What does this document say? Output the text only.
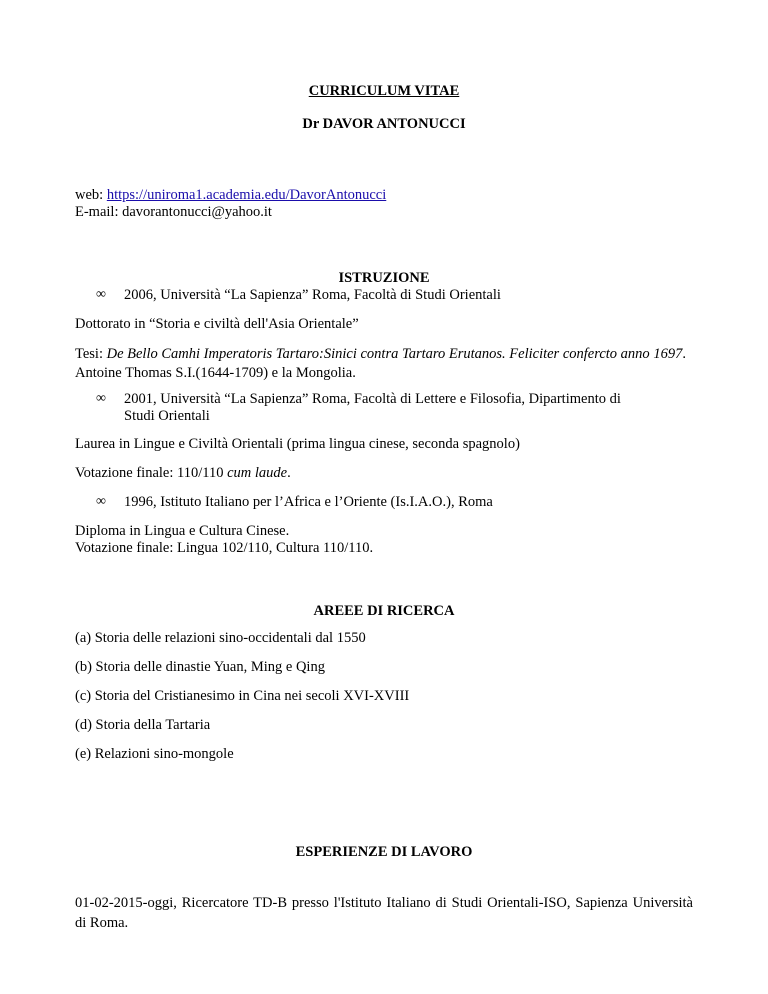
CURRICULUM VITAE

Dr DAVOR ANTONUCCI

web: https://uniroma1.academia.edu/DavorAntonucci

E-mail: davorantonucci@yahoo.it

ISTRUZIONE

∞ 2006, Università “La Sapienza” Roma, Facoltà di Studi Orientali

Dottorato in “Storia e civiltà dell'Asia Orientale”

Tesi: De Bello Camhi Imperatoris Tartaro:Sinici contra Tartaro Erutanos. Feliciter confercto anno 1697. Antoine Thomas S.I.(1644-1709) e la Mongolia.

∞ 2001, Università “La Sapienza” Roma, Facoltà di Lettere e Filosofia, Dipartimento di

Studi Orientali

Laurea in Lingue e Civiltà Orientali (prima lingua cinese, seconda spagnolo)

Votazione finale: 110/110 cum laude.

∞ 1996, Istituto Italiano per l’Africa e l’Oriente (Is.I.A.O.), Roma

Diploma in Lingua e Cultura Cinese.

Votazione finale: Lingua 102/110, Cultura 110/110.

AREEE DI RICERCA

(a) Storia delle relazioni sino-occidentali dal 1550

(b) Storia delle dinastie Yuan, Ming e Qing

(c) Storia del Cristianesimo in Cina nei secoli XVI-XVIII

(d) Storia della Tartaria

(e) Relazioni sino-mongole

ESPERIENZE DI LAVORO

01-02-2015-oggi, Ricercatore TD-B presso l'Istituto Italiano di Studi Orientali-ISO, Sapienza Università di Roma.
